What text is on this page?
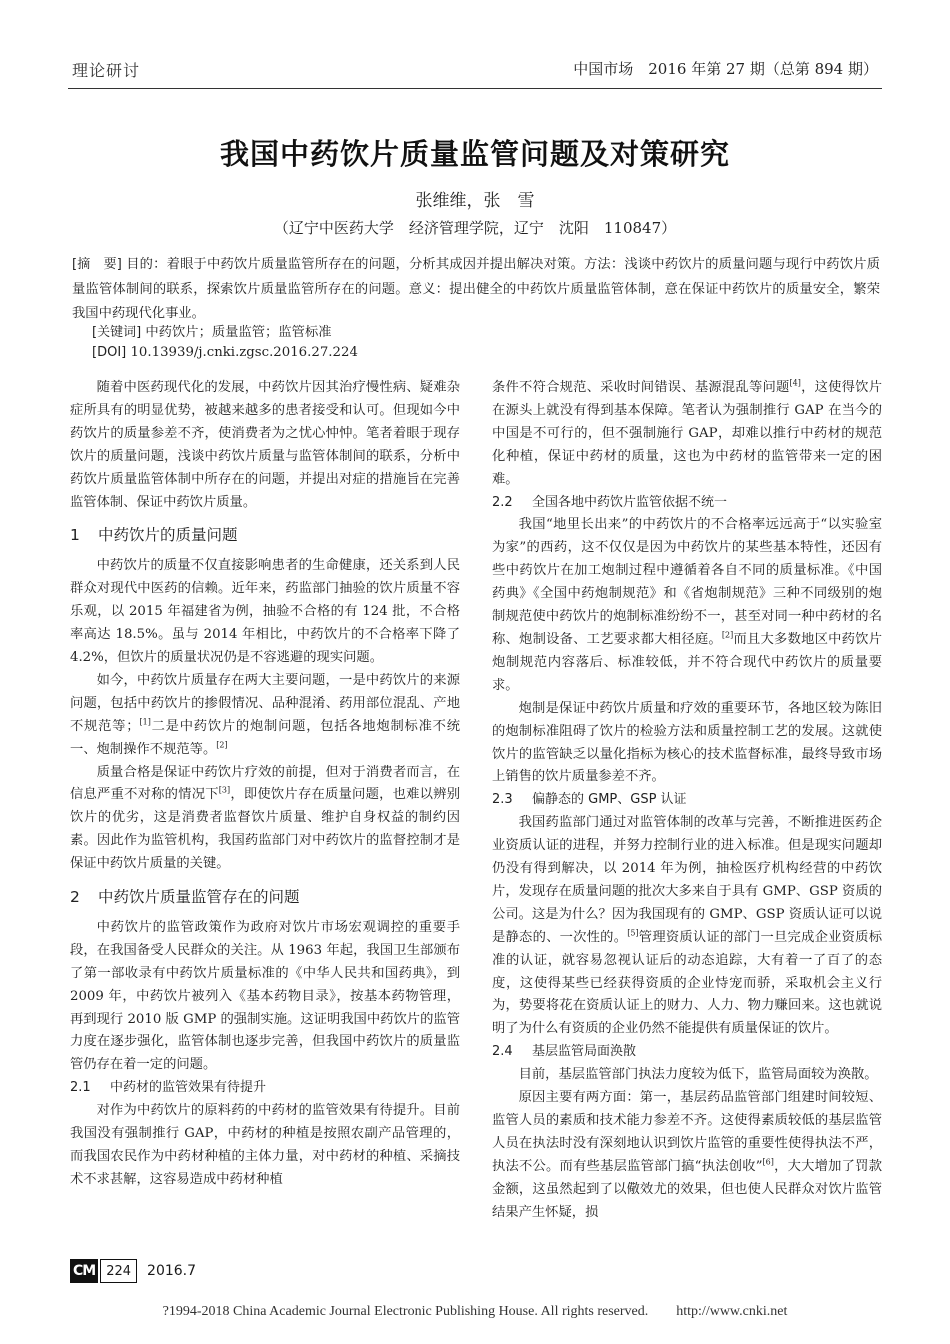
理论研讨	中国市场　2016 年第 27 期（总第 894 期）
我国中药饮片质量监管问题及对策研究
张维维，张　雪
（辽宁中医药大学　经济管理学院，辽宁　沈阳　110847）
[摘　要] 目的：着眼于中药饮片质量监管所存在的问题，分析其成因并提出解决对策。方法：浅谈中药饮片的质量问题与现行中药饮片质量监管体制间的联系，探索饮片质量监管所存在的问题。意义：提出健全的中药饮片质量监管体制，意在保证中药饮片的质量安全，繁荣我国中药现代化事业。
[关键词] 中药饮片；质量监管；监管标准
[DOI] 10.13939/j.cnki.zgsc.2016.27.224

随着中医药现代化的发展，中药饮片因其治疗慢性病、疑难杂症所具有的明显优势，被越来越多的患者接受和认可。但现如今中药饮片的质量参差不齐，使消费者为之忧心忡忡。笔者着眼于现存饮片的质量问题，浅谈中药饮片质量与监管体制间的联系，分析中药饮片质量监管体制中所存在的问题，并提出对症的措施旨在完善监管体制、保证中药饮片质量。

1 中药饮片的质量问题

中药饮片的质量不仅直接影响患者的生命健康，还关系到人民群众对现代中医药的信赖。近年来，药监部门抽验的饮片质量不容乐观，以 2015 年福建省为例，抽验不合格的有 124 批，不合格率高达 18.5%。虽与 2014 年相比，中药饮片的不合格率下降了 4.2%，但饮片的质量状况仍是不容逃避的现实问题。

如今，中药饮片质量存在两大主要问题，一是中药饮片的来源问题，包括中药饮片的掺假情况、品种混淆、药用部位混乱、产地不规范等；[1]二是中药饮片的炮制问题，包括各地炮制标准不统一、炮制操作不规范等。[2]

质量合格是保证中药饮片疗效的前提，但对于消费者而言，在信息严重不对称的情况下[3]，即使饮片存在质量问题，也难以辨别饮片的优劣，这是消费者监督饮片质量、维护自身权益的制约因素。因此作为监管机构，我国药监部门对中药饮片的监督控制才是保证中药饮片质量的关键。

2 中药饮片质量监管存在的问题

中药饮片的监管政策作为政府对饮片市场宏观调控的重要手段，在我国备受人民群众的关注。从 1963 年起，我国卫生部颁布了第一部收录有中药饮片质量标准的《中华人民共和国药典》，到 2009 年，中药饮片被列入《基本药物目录》，按基本药物管理，再到现行 2010 版 GMP 的强制实施。这证明我国中药饮片的监管力度在逐步强化，监管体制也逐步完善，但我国中药饮片的质量监管仍存在着一定的问题。

2.1 中药材的监管效果有待提升

对作为中药饮片的原料药的中药材的监管效果有待提升。目前我国没有强制推行 GAP，中药材的种植是按照农副产品管理的，而我国农民作为中药材种植的主体力量，对中药材的种植、采摘技术不求甚解，这容易造成中药材种植

条件不符合规范、采收时间错误、基源混乱等问题[4]，这使得饮片在源头上就没有得到基本保障。笔者认为强制推行 GAP 在当今的中国是不可行的，但不强制施行 GAP，却难以推行中药材的规范化种植，保证中药材的质量，这也为中药材的监管带来一定的困难。

2.2 全国各地中药饮片监管依据不统一

我国“地里长出来”的中药饮片的不合格率远远高于“以实验室为家”的西药，这不仅仅是因为中药饮片的某些基本特性，还因有些中药饮片在加工炮制过程中遵循着各自不同的质量标准。《中国药典》《全国中药炮制规范》和《省炮制规范》三种不同级别的炮制规范使中药饮片的炮制标准纷纷不一，甚至对同一种中药材的名称、炮制设备、工艺要求都大相径庭。[2]而且大多数地区中药饮片炮制规范内容落后、标准较低，并不符合现代中药饮片的质量要求。

炮制是保证中药饮片质量和疗效的重要环节，各地区较为陈旧的炮制标准阻碍了饮片的检验方法和质量控制工艺的发展。这就使饮片的监管缺乏以量化指标为核心的技术监督标准，最终导致市场上销售的饮片质量参差不齐。

2.3 偏静态的 GMP、GSP 认证

我国药监部门通过对监管体制的改革与完善，不断推进医药企业资质认证的进程，并努力控制行业的进入标准。但是现实问题却仍没有得到解决，以 2014 年为例，抽检医疗机构经营的中药饮片，发现存在质量问题的批次大多来自于具有 GMP、GSP 资质的公司。这是为什么？因为我国现有的 GMP、GSP 资质认证可以说是静态的、一次性的。[5]管理资质认证的部门一旦完成企业资质标准的认证，就容易忽视认证后的动态追踪，大有着一了百了的态度，这使得某些已经获得资质的企业恃宠而骄，采取机会主义行为，势要将花在资质认证上的财力、人力、物力赚回来。这也就说明了为什么有资质的企业仍然不能提供有质量保证的饮片。

2.4 基层监管局面涣散

目前，基层监管部门执法力度较为低下，监管局面较为涣散。

原因主要有两方面：第一，基层药品监管部门组建时间较短、监管人员的素质和技术能力参差不齐。这使得素质较低的基层监管人员在执法时没有深刻地认识到饮片监管的重要性使得执法不严，执法不公。而有些基层监管部门搞“执法创收”[6]，大大增加了罚款金额，这虽然起到了以儆效尤的效果，但也使人民群众对饮片监管结果产生怀疑，损

CM 224	2016.7
?1994-2018 China Academic Journal Electronic Publishing House. All rights reserved.　　http://www.cnki.net
